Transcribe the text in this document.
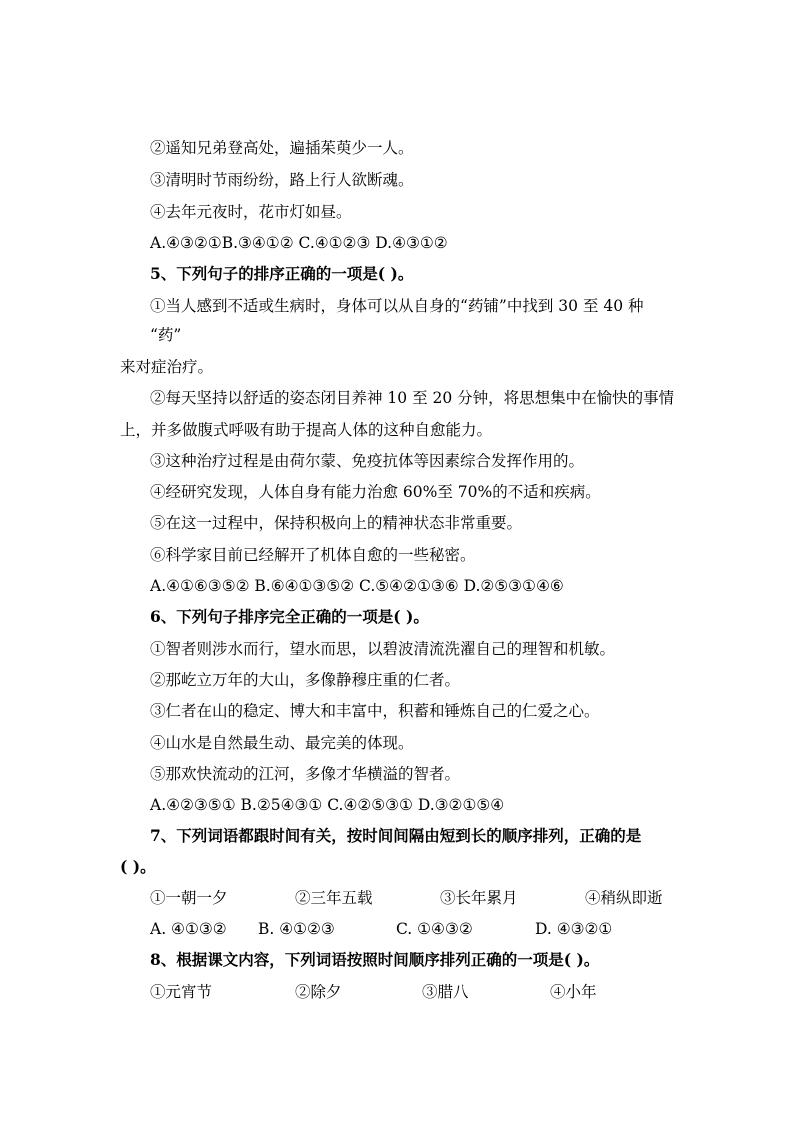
②遥知兄弟登高处，遍插茱萸少一人。
③清明时节雨纷纷，路上行人欲断魂。
④去年元夜时，花市灯如昼。
A.④③②①B.③④①② C.④①②③ D.④③①②
5、下列句子的排序正确的一项是( )。
①当人感到不适或生病时，身体可以从自身的“药铺”中找到 30 至 40 种
“药”
来对症治疗。
②每天坚持以舒适的姿态闭目养神 10 至 20 分钟，将思想集中在愉快的事情
上，并多做腹式呼吸有助于提高人体的这种自愈能力。
③这种治疗过程是由荷尔蒙、免疫抗体等因素综合发挥作用的。
④经研究发现，人体自身有能力治愈 60%至 70%的不适和疾病。
⑤在这一过程中，保持积极向上的精神状态非常重要。
⑥科学家目前已经解开了机体自愈的一些秘密。
A.④①⑥③⑤② B.⑥④①③⑤② C.⑤④②①③⑥ D.②⑤③①④⑥
6、下列句子排序完全正确的一项是( )。
①智者则涉水而行，望水而思，以碧波清流洗濯自己的理智和机敏。
②那屹立万年的大山，多像静穆庄重的仁者。
③仁者在山的稳定、博大和丰富中，积蓄和锤炼自己的仁爱之心。
④山水是自然最生动、最完美的体现。
⑤那欢快流动的江河，多像才华横溢的智者。
A.④②③⑤① B.②5④③① C.④②⑤③① D.③②①⑤④
7、下列词语都跟时间有关，按时间间隔由短到长的顺序排列，正确的是
( )。
①一朝一夕	②三年五载	③长年累月	④稍纵即逝
A. ④①③② B. ④①②③	C. ①④③②	D. ④③②①
8、根据课文内容，下列词语按照时间顺序排列正确的一项是( )。
①元宵节	②除夕	③腊八	④小年
